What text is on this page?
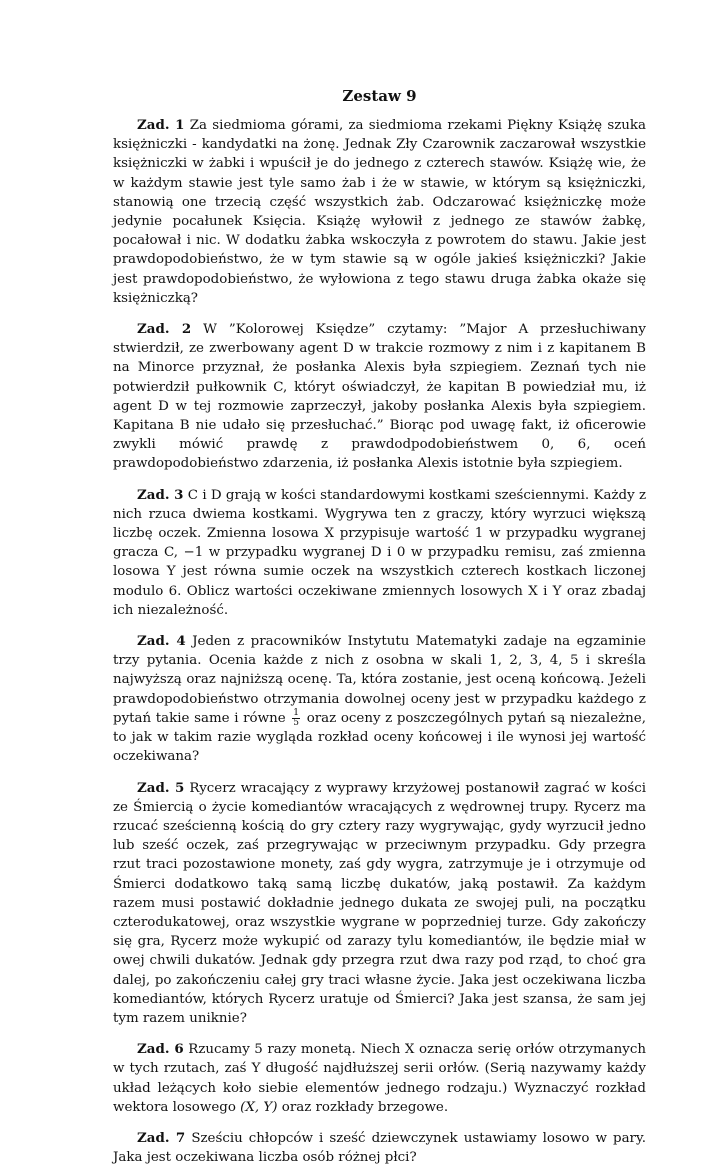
Zestaw 9

Zad. 1 Za siedmioma górami, za siedmioma rzekami Piękny Książę szuka księżniczki - kandydatki na żonę. Jednak Zły Czarownik zaczarował wszystkie księżniczki w żabki i wpuścił je do jednego z czterech stawów. Książę wie, że w każdym stawie jest tyle samo żab i że w stawie, w którym są księżniczki, stanowią one trzecią część wszystkich żab. Odczarować księżniczkę może jedynie pocałunek Księcia. Książę wyłowił z jednego ze stawów żabkę, pocałował i nic. W dodatku żabka wskoczyła z powrotem do stawu. Jakie jest prawdopodobieństwo, że w tym stawie są w ogóle jakieś księżniczki? Jakie jest prawdopodobieństwo, że wyłowiona z tego stawu druga żabka okaże się księżniczką?

Zad. 2 W ”Kolorowej Księdze” czytamy: ”Major A przesłuchiwany stwierdził, ze zwerbowany agent D w trakcie rozmowy z nim i z kapitanem B na Minorce przyznał, że posłanka Alexis była szpiegiem. Zeznań tych nie potwierdził pułkownik C, któryt oświadczył, że kapitan B powiedział mu, iż agent D w tej rozmowie zaprzeczył, jakoby posłanka Alexis była szpiegiem. Kapitana B nie udało się przesłuchać.” Biorąc pod uwagę fakt, iż oficerowie zwykli mówić prawdę z prawdodpodobieństwem 0, 6, oceń prawdopodobieństwo zdarzenia, iż posłanka Alexis istotnie była szpiegiem.

Zad. 3 C i D grają w kości standardowymi kostkami sześciennymi. Każdy z nich rzuca dwiema kostkami. Wygrywa ten z graczy, który wyrzuci większą liczbę oczek. Zmienna losowa X przypisuje wartość 1 w przypadku wygranej gracza C, −1 w przypadku wygranej D i 0 w przypadku remisu, zaś zmienna losowa Y jest równa sumie oczek na wszystkich czterech kostkach liczonej modulo 6. Oblicz wartości oczekiwane zmiennych losowych X i Y oraz zbadaj ich niezależność.

Zad. 4 Jeden z pracowników Instytutu Matematyki zadaje na egzaminie trzy pytania. Ocenia każde z nich z osobna w skali 1, 2, 3, 4, 5 i skreśla najwyższą oraz najniższą ocenę. Ta, która zostanie, jest oceną końcową. Jeżeli prawdopodobieństwo otrzymania dowolnej oceny jest w przypadku każdego z pytań takie same i równe $\frac{1}{5}$ oraz oceny z poszczególnych pytań są niezależne, to jak w takim razie wygląda rozkład oceny końcowej i ile wynosi jej wartość oczekiwana?

Zad. 5 Rycerz wracający z wyprawy krzyżowej postanowił zagrać w kości ze Śmiercią o życie komediantów wracających z wędrownej trupy. Rycerz ma rzucać sześcienną kością do gry cztery razy wygrywając, gydy wyrzucił jedno lub sześć oczek, zaś przegrywając w przeciwnym przypadku. Gdy przegra rzut traci pozostawione monety, zaś gdy wygra, zatrzymuje je i otrzymuje od Śmierci dodatkowo taką samą liczbę dukatów, jaką postawił. Za każdym razem musi postawić dokładnie jednego dukata ze swojej puli, na początku czterodukatowej, oraz wszystkie wygrane w poprzedniej turze. Gdy zakończy się gra, Rycerz może wykupić od zarazy tylu komediantów, ile będzie miał w owej chwili dukatów. Jednak gdy przegra rzut dwa razy pod rząd, to choć gra dalej, po zakończeniu całej gry traci własne życie. Jaka jest oczekiwana liczba komediantów, których Rycerz uratuje od Śmierci? Jaka jest szansa, że sam jej tym razem uniknie?

Zad. 6 Rzucamy 5 razy monetą. Niech X oznacza serię orłów otrzymanych w tych rzutach, zaś Y długość najdłuższej serii orłów. (Serią nazywamy każdy układ leżących koło siebie elementów jednego rodzaju.) Wyznaczyć rozkład wektora losowego (X, Y) oraz rozkłady brzegowe.

Zad. 7 Sześciu chłopców i sześć dziewczynek ustawiamy losowo w pary. Jaka jest oczekiwana liczba osób różnej płci?
